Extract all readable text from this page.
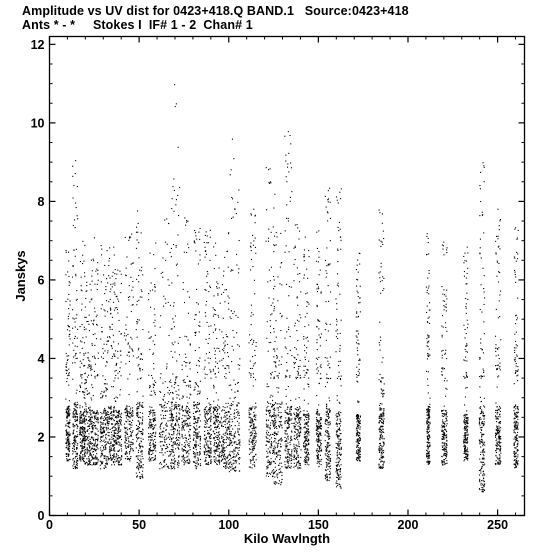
Amplitude vs UV dist for 0423+418.Q BAND.1   Source:0423+418
Ants * - *     Stokes I  IF# 1 - 2  Chan# 1
0	50	100	150	200	250
0
2
4
6
8
10
12
Kilo Wavlngth
Janskys
